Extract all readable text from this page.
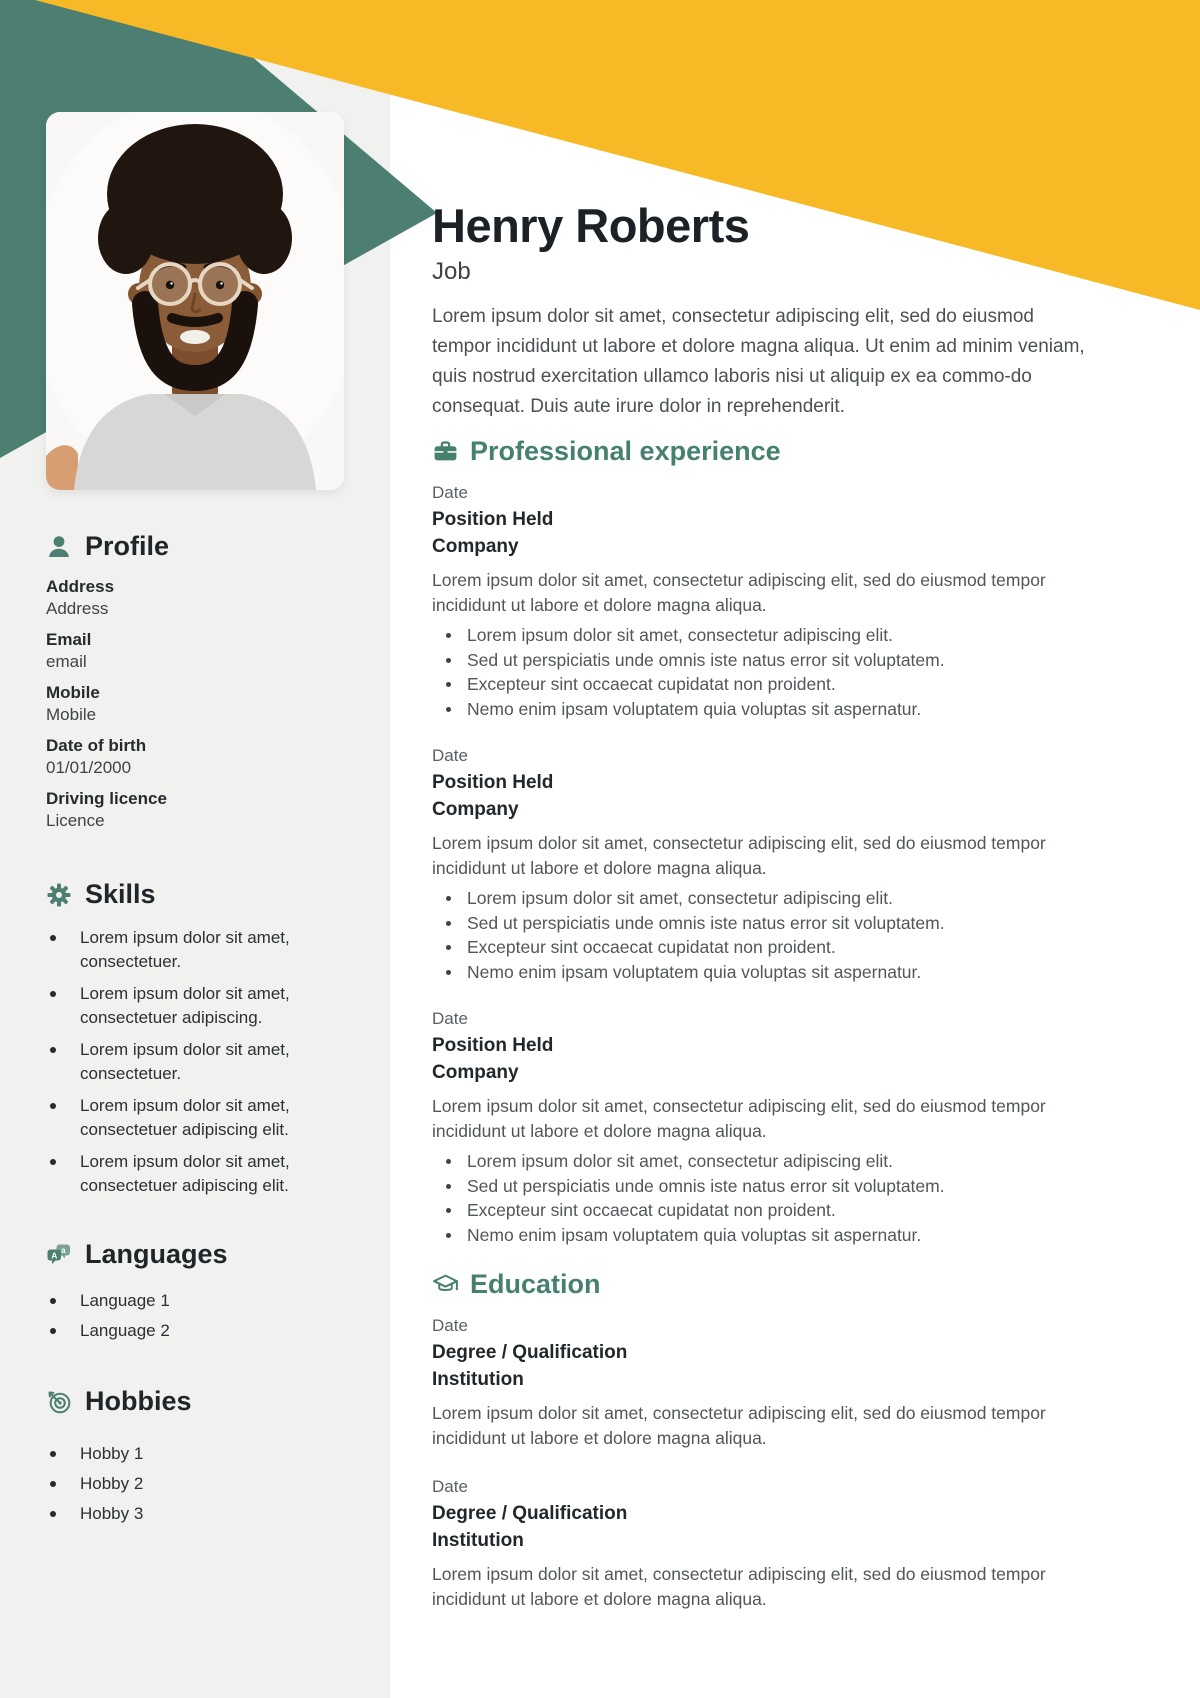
Profile
Address
Address
Email
email
Mobile
Mobile
Date of birth
01/01/2000
Driving licence
Licence
Skills
Lorem ipsum dolor sit amet, consectetuer.
Lorem ipsum dolor sit amet, consectetuer adipiscing.
Lorem ipsum dolor sit amet, consectetuer.
Lorem ipsum dolor sit amet, consectetuer adipiscing elit.
Lorem ipsum dolor sit amet, consectetuer adipiscing elit.
a
A Languages
Language 1
Language 2
Hobbies
Hobby 1
Hobby 2
Hobby 3
Henry Roberts
Job
Lorem ipsum dolor sit amet, consectetur adipiscing elit, sed do eiusmod tempor incididunt ut labore et dolore magna aliqua. Ut enim ad minim veniam, quis nostrud exercitation ullamco laboris nisi ut aliquip ex ea commo-do consequat. Duis aute irure dolor in reprehenderit.
Professional experience
Date
Position Held
Company
Lorem ipsum dolor sit amet, consectetur adipiscing elit, sed do eiusmod tempor incididunt ut labore et dolore magna aliqua.
Lorem ipsum dolor sit amet, consectetur adipiscing elit.
Sed ut perspiciatis unde omnis iste natus error sit voluptatem.
Excepteur sint occaecat cupidatat non proident.
Nemo enim ipsam voluptatem quia voluptas sit aspernatur.
Date
Position Held
Company
Lorem ipsum dolor sit amet, consectetur adipiscing elit, sed do eiusmod tempor incididunt ut labore et dolore magna aliqua.
Lorem ipsum dolor sit amet, consectetur adipiscing elit.
Sed ut perspiciatis unde omnis iste natus error sit voluptatem.
Excepteur sint occaecat cupidatat non proident.
Nemo enim ipsam voluptatem quia voluptas sit aspernatur.
Date
Position Held
Company
Lorem ipsum dolor sit amet, consectetur adipiscing elit, sed do eiusmod tempor incididunt ut labore et dolore magna aliqua.
Lorem ipsum dolor sit amet, consectetur adipiscing elit.
Sed ut perspiciatis unde omnis iste natus error sit voluptatem.
Excepteur sint occaecat cupidatat non proident.
Nemo enim ipsam voluptatem quia voluptas sit aspernatur.
Education
Date
Degree / Qualification
Institution
Lorem ipsum dolor sit amet, consectetur adipiscing elit, sed do eiusmod tempor incididunt ut labore et dolore magna aliqua.
Date
Degree / Qualification
Institution
Lorem ipsum dolor sit amet, consectetur adipiscing elit, sed do eiusmod tempor incididunt ut labore et dolore magna aliqua.
